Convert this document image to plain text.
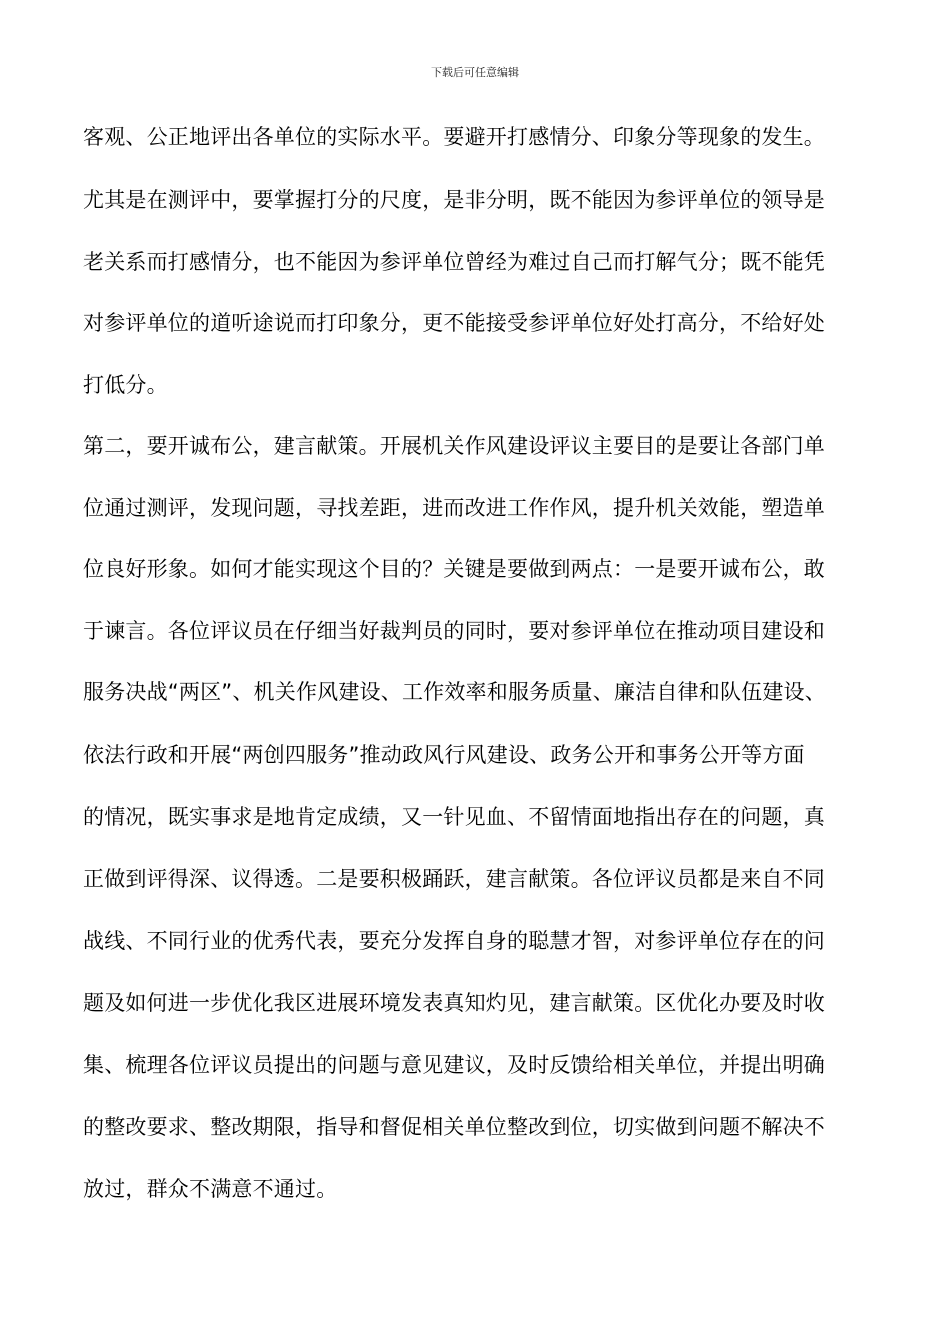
下载后可任意编辑
客观、公正地评出各单位的实际水平。要避开打感情分、印象分等现象的发生。
尤其是在测评中，要掌握打分的尺度，是非分明，既不能因为参评单位的领导是
老关系而打感情分，也不能因为参评单位曾经为难过自己而打解气分；既不能凭
对参评单位的道听途说而打印象分，更不能接受参评单位好处打高分，不给好处
打低分。
第二，要开诚布公，建言献策。开展机关作风建设评议主要目的是要让各部门单
位通过测评，发现问题，寻找差距，进而改进工作作风，提升机关效能，塑造单
位良好形象。如何才能实现这个目的？关键是要做到两点：一是要开诚布公，敢
于谏言。各位评议员在仔细当好裁判员的同时，要对参评单位在推动项目建设和
服务决战“两区”、机关作风建设、工作效率和服务质量、廉洁自律和队伍建设、
依法行政和开展“两创四服务”推动政风行风建设、政务公开和事务公开等方面
的情况，既实事求是地肯定成绩，又一针见血、不留情面地指出存在的问题，真
正做到评得深、议得透。二是要积极踊跃，建言献策。各位评议员都是来自不同
战线、不同行业的优秀代表，要充分发挥自身的聪慧才智，对参评单位存在的问
题及如何进一步优化我区进展环境发表真知灼见，建言献策。区优化办要及时收
集、梳理各位评议员提出的问题与意见建议，及时反馈给相关单位，并提出明确
的整改要求、整改期限，指导和督促相关单位整改到位，切实做到问题不解决不
放过，群众不满意不通过。
